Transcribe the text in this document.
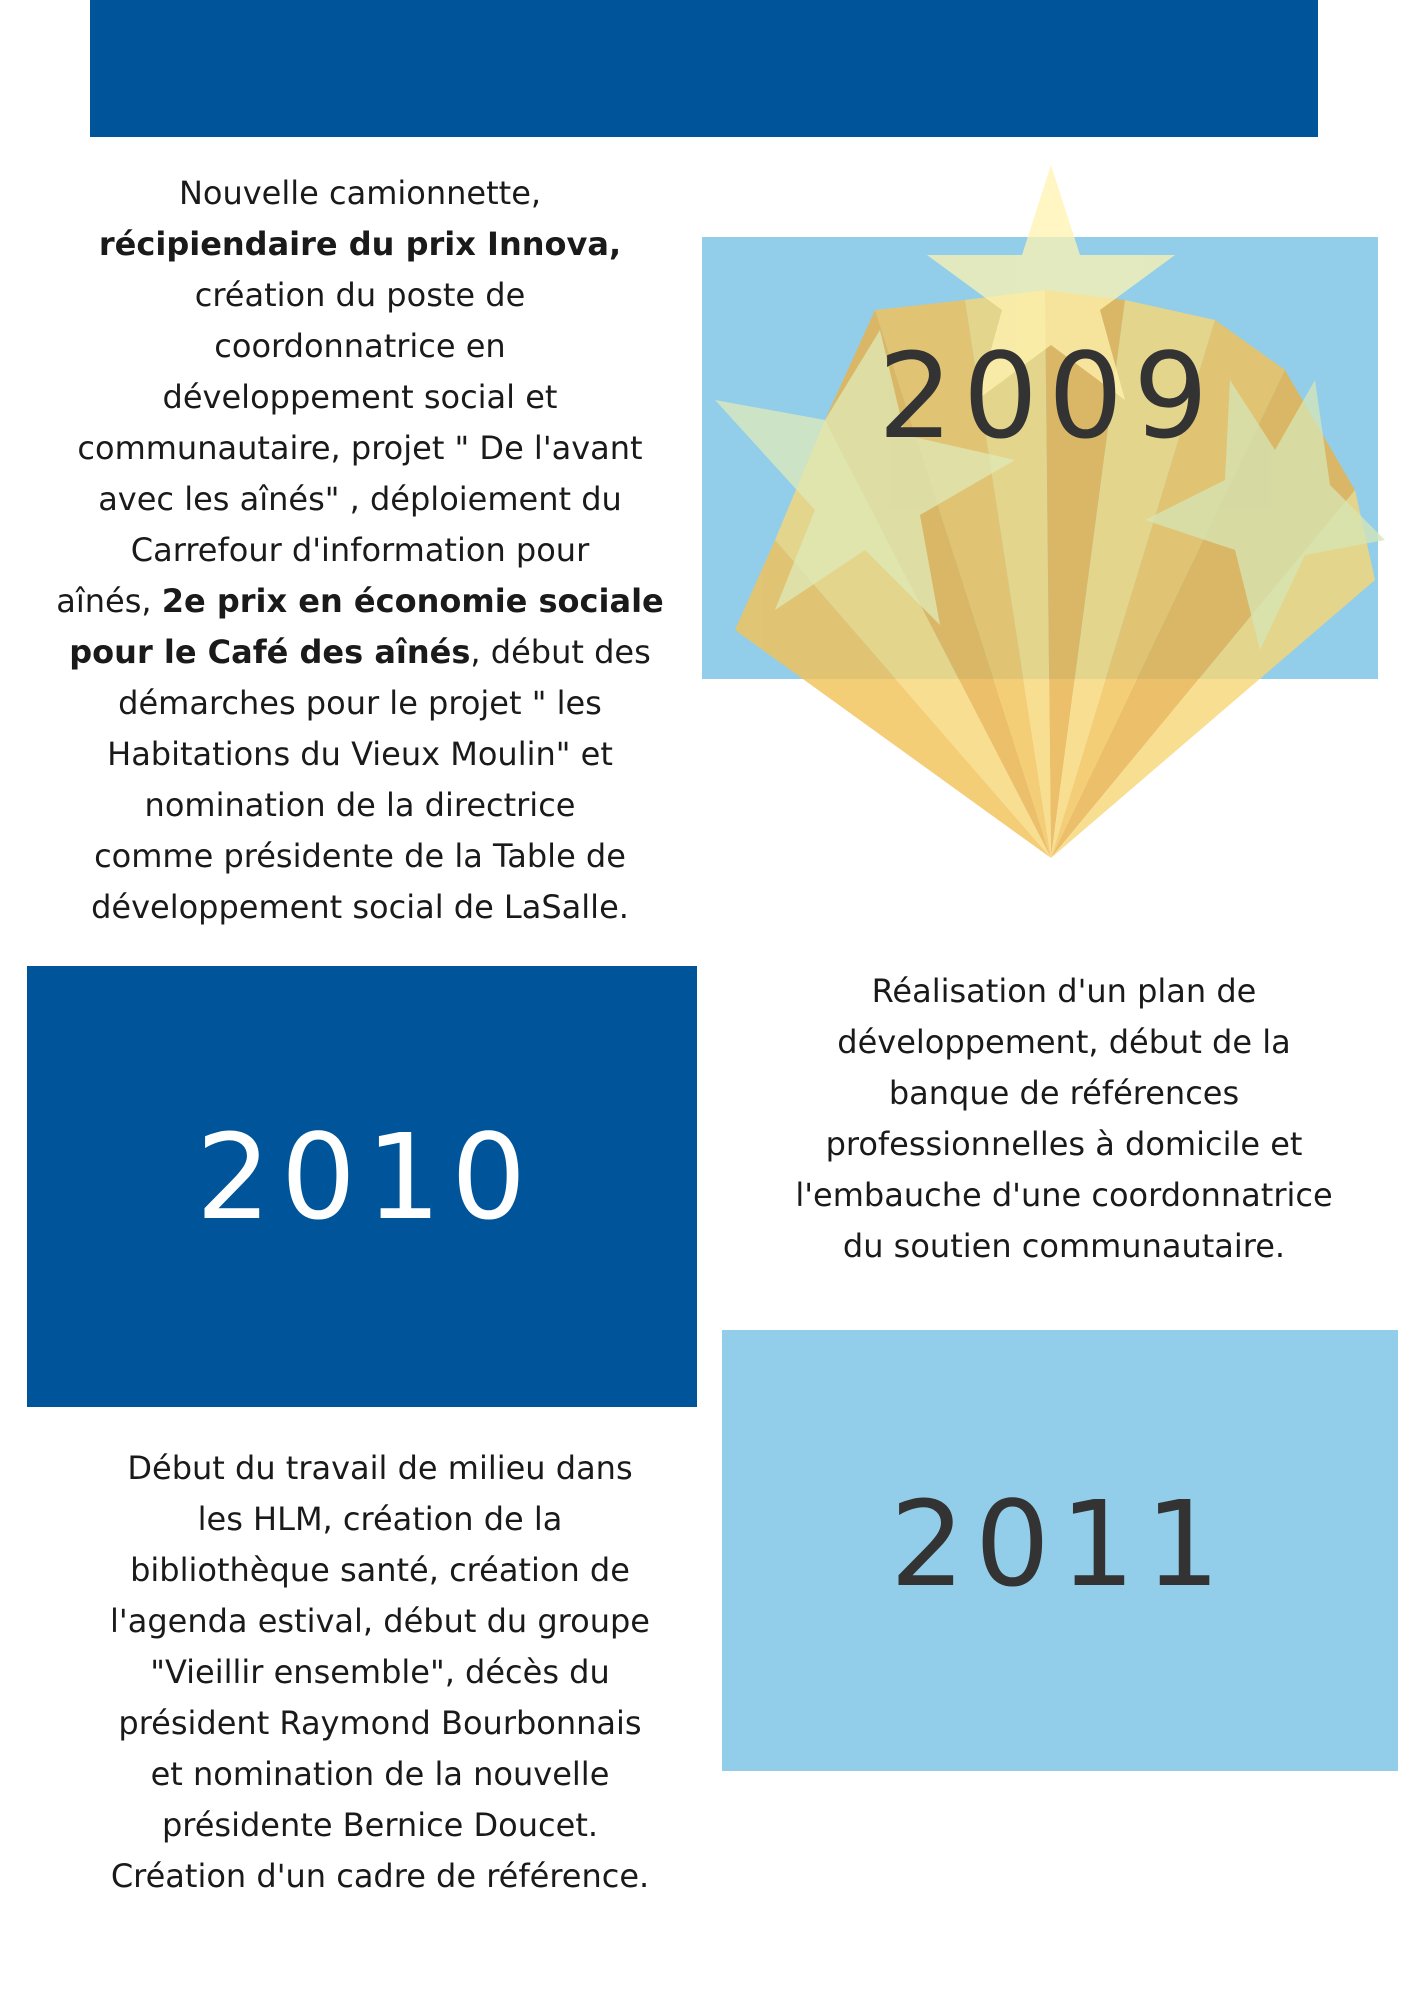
2009
Nouvelle camionnette,
récipiendaire du prix Innova,
création du poste de
coordonnatrice en
développement social et
communautaire, projet " De l'avant
avec les aînés" , déploiement du
Carrefour d'information pour
aînés, 2e prix en économie sociale
pour le Café des aînés, début des
démarches pour le projet " les
Habitations du Vieux Moulin" et
nomination de la directrice
comme présidente de la Table de
développement social de LaSalle.
2010
Réalisation d'un plan de
développement, début de la
banque de références
professionnelles à domicile et
l'embauche d'une coordonnatrice
du soutien communautaire.
2011
Début du travail de milieu dans
les HLM, création de la
bibliothèque santé, création de
l'agenda estival, début du groupe
"Vieillir ensemble", décès du
président Raymond Bourbonnais
et nomination de la nouvelle
présidente Bernice Doucet.
Création d'un cadre de référence.
